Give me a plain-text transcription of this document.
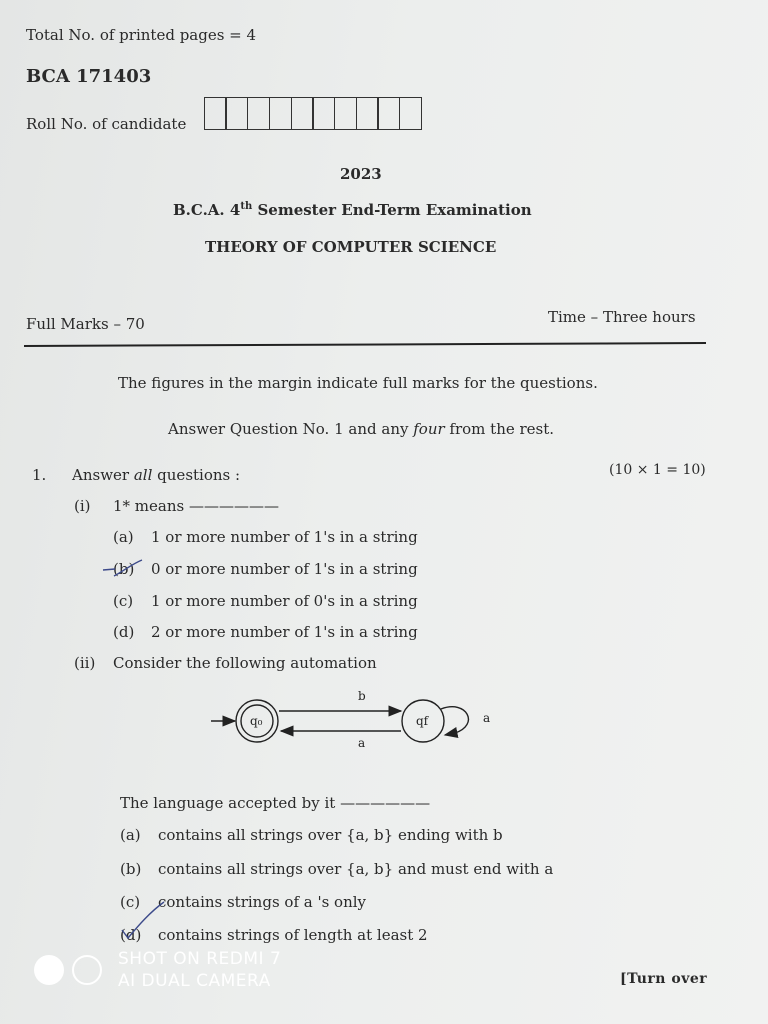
Total No. of printed pages = 4
BCA 171403
Roll No. of candidate
2023
B.C.A. 4th Semester End-Term Examination
THEORY OF COMPUTER SCIENCE
Full Marks – 70	Time – Three hours
The figures in the margin indicate full marks for the questions.
Answer Question No. 1 and any four from the rest.
1. Answer all questions :	(10 × 1 = 10)
(i) 1* means ——————
(a) 1 or more number of 1's in a string
(b) 0 or more number of 1's in a string
(c) 1 or more number of 0's in a string
(d) 2 or more number of 1's in a string
(ii) Consider the following automation
q₀	qf
b
a
a
The language accepted by it ——————
(a) contains all strings over {a, b} ending with b
(b) contains all strings over {a, b} and must end with a
(c) contains strings of a 's only
(d) contains strings of length at least 2
[Turn over
SHOT ON REDMI 7
AI DUAL CAMERA
